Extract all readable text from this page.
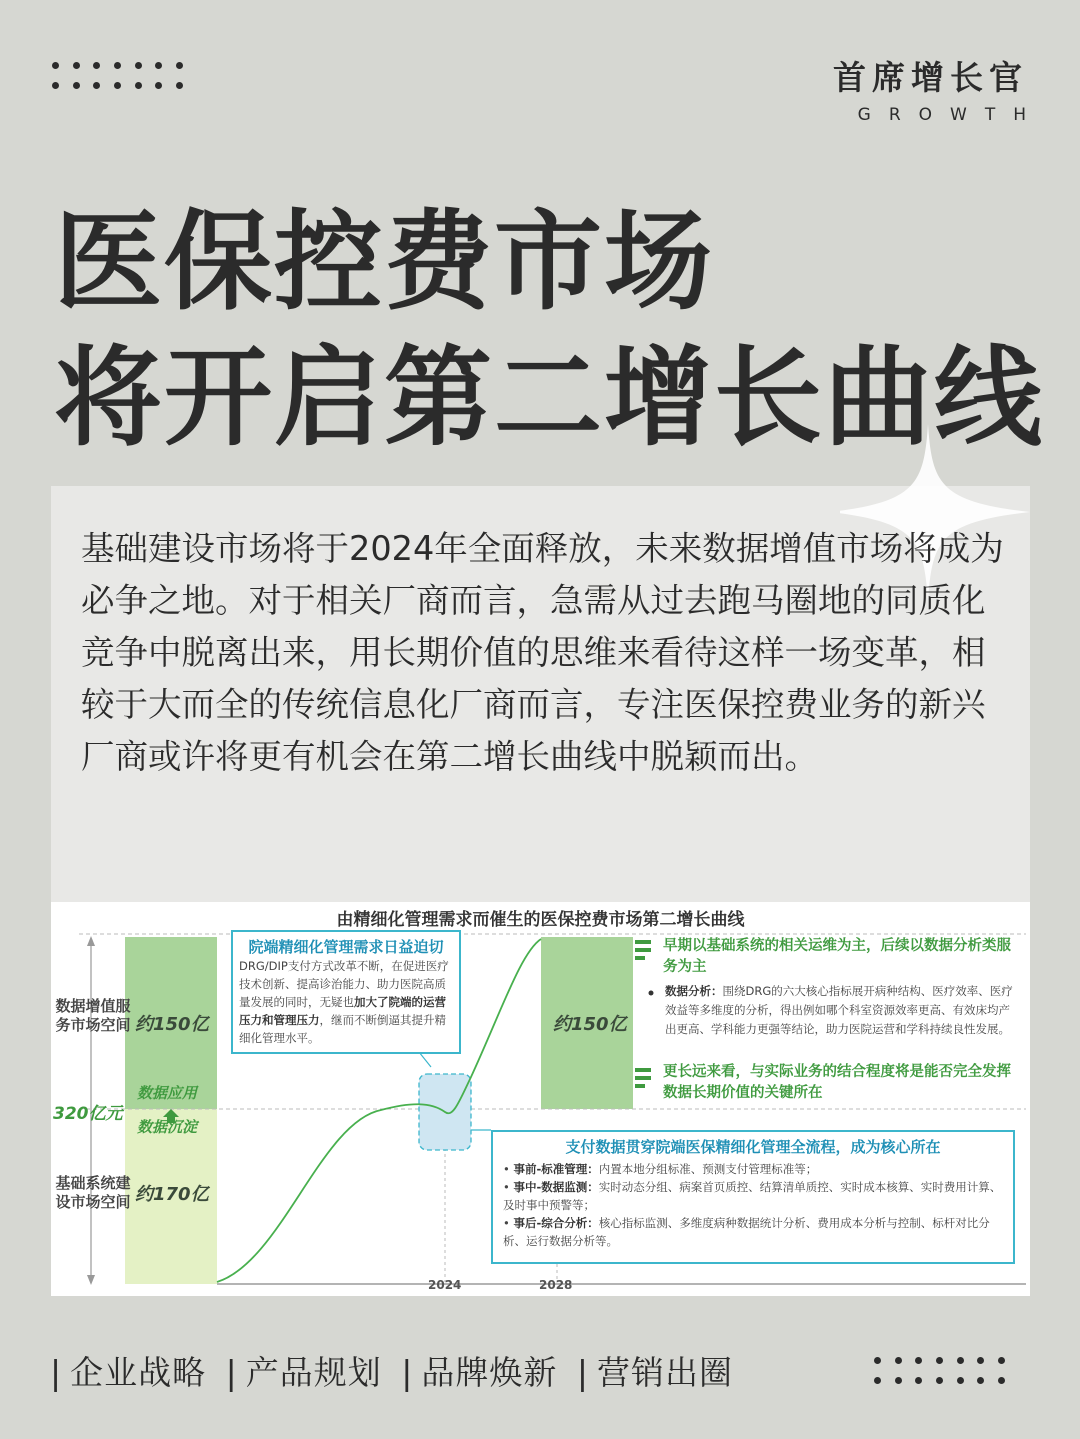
首席增长官
GROWTH
医保控费市场
将开启第二增长曲线
基础建设市场将于2024年全面释放，未来数据增值市场将成为必争之地。对于相关厂商而言，急需从过去跑马圈地的同质化竞争中脱离出来，用长期价值的思维来看待这样一场变革，相较于大而全的传统信息化厂商而言，专注医保控费业务的新兴厂商或许将更有机会在第二增长曲线中脱颖而出。
由精细化管理需求而催生的医保控费市场第二增长曲线
数据增值服务市场空间
基础系统建设市场空间
320亿元
约150亿
约170亿
数据应用
数据沉淀
约150亿
2024	2028
院端精细化管理需求日益迫切
DRG/DIP支付方式改革不断，在促进医疗技术创新、提高诊治能力、助力医院高质量发展的同时，无疑也加大了院端的运营压力和管理压力，继而不断倒逼其提升精细化管理水平。
早期以基础系统的相关运维为主，后续以数据分析类服务为主
数据分析：围绕DRG的六大核心指标展开病种结构、医疗效率、医疗效益等多维度的分析，得出例如哪个科室资源效率更高、有效床均产出更高、学科能力更强等结论，助力医院运营和学科持续良性发展。
更长远来看，与实际业务的结合程度将是能否完全发挥数据长期价值的关键所在
支付数据贯穿院端医保精细化管理全流程，成为核心所在
• 事前-标准管理：内置本地分组标准、预测支付管理标准等；
• 事中-数据监测：实时动态分组、病案首页质控、结算清单质控、实时成本核算、实时费用计算、及时事中预警等；
• 事后-综合分析：核心指标监测、多维度病种数据统计分析、费用成本分析与控制、标杆对比分析、运行数据分析等。
| 企业战略 | 产品规划 | 品牌焕新 | 营销出圈
